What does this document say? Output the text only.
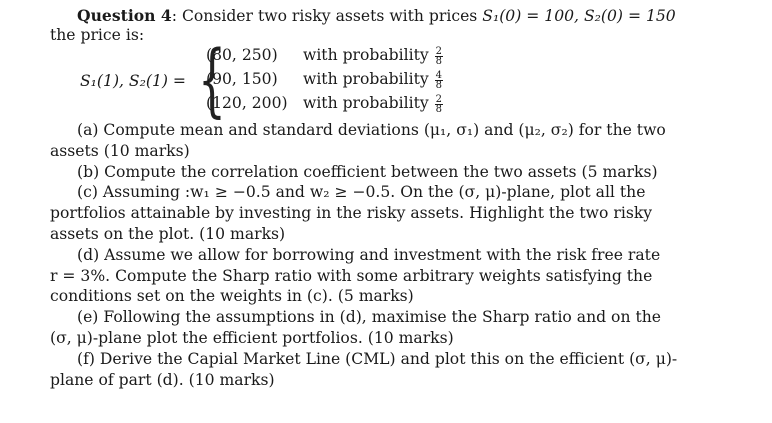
Question 4: Consider two risky assets with prices S₁(0) = 100, S₂(0) = 150
the price is:
S₁(1), S₂(1) = {
(80, 250) with probability $\frac{2}{8}$
(90, 150) with probability $\frac{4}{8}$
(120, 200) with probability $\frac{2}{8}$
(a) Compute mean and standard deviations (μ₁, σ₁) and (μ₂, σ₂) for the two
assets (10 marks)
(b) Compute the correlation coefficient between the two assets (5 marks)
(c) Assuming :w₁ ≥ −0.5 and w₂ ≥ −0.5. On the (σ, μ)-plane, plot all the
portfolios attainable by investing in the risky assets. Highlight the two risky
assets on the plot. (10 marks)
(d) Assume we allow for borrowing and investment with the risk free rate
r = 3%. Compute the Sharp ratio with some arbitrary weights satisfying the
conditions set on the weights in (c). (5 marks)
(e) Following the assumptions in (d), maximise the Sharp ratio and on the
(σ, μ)-plane plot the efficient portfolios. (10 marks)
(f) Derive the Capial Market Line (CML) and plot this on the efficient (σ, μ)-
plane of part (d). (10 marks)
